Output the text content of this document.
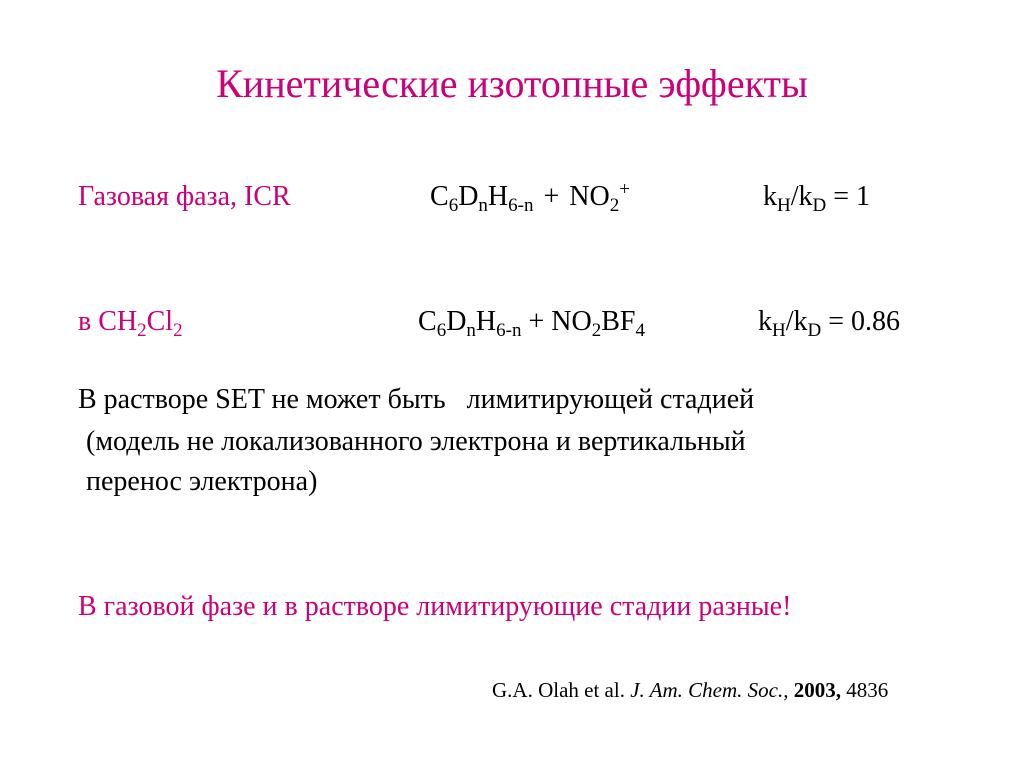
Кинетические изотопные эффекты
Газовая фаза, ICR	$C_6D_nH_{6-n} + NO_2^+$	$k_H/k_D = 1$
в $CH_2Cl_2$	$C_6D_nH_{6-n} + NO_2BF_4$	$k_H/k_D = 0.86$
В растворе SET не может быть   лимитирующей стадией
(модель не локализованного электрона и вертикальный
перенос электрона)
В газовой фазе и в растворе лимитирующие стадии разные!
G.A. Olah et al. J. Am. Chem. Soc., 2003, 4836
